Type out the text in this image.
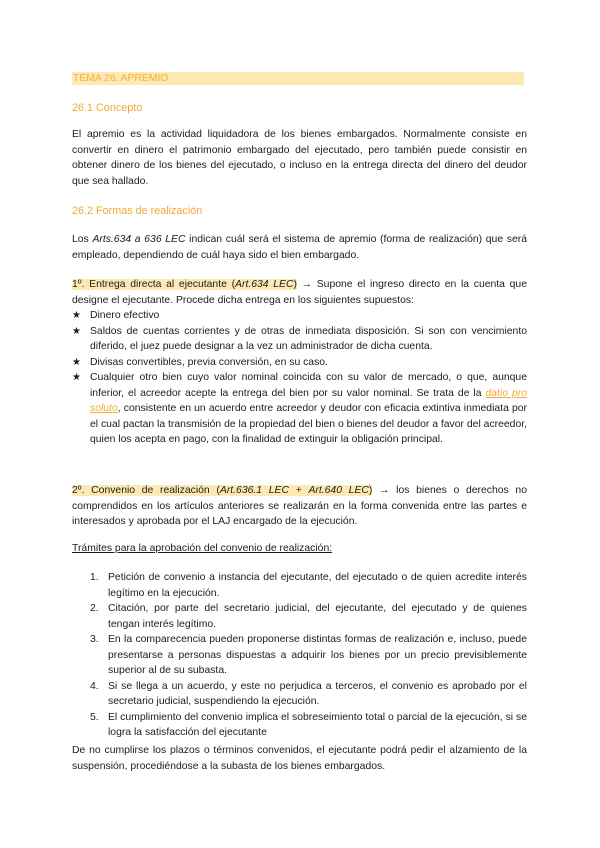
TEMA 26. APREMIO
26.1 Concepto
El apremio es la actividad liquidadora de los bienes embargados. Normalmente consiste en convertir en dinero el patrimonio embargado del ejecutado, pero también puede consistir en obtener dinero de los bienes del ejecutado, o incluso en la entrega directa del dinero del deudor que sea hallado.
26.2 Formas de realización
Los Arts.634 a 636 LEC indican cuál será el sistema de apremio (forma de realización) que será empleado, dependiendo de cuál haya sido el bien embargado.
1º. Entrega directa al ejecutante (Art.634 LEC) → Supone el ingreso directo en la cuenta que designe el ejecutante. Procede dicha entrega en los siguientes supuestos:
★ Dinero efectivo
★ Saldos de cuentas corrientes y de otras de inmediata disposición. Si son con vencimiento diferido, el juez puede designar a la vez un administrador de dicha cuenta.
★ Divisas convertibles, previa conversión, en su caso.
★ Cualquier otro bien cuyo valor nominal coincida con su valor de mercado, o que, aunque inferior, el acreedor acepte la entrega del bien por su valor nominal. Se trata de la datio pro soluto, consistente en un acuerdo entre acreedor y deudor con eficacia extintiva inmediata por el cual pactan la transmisión de la propiedad del bien o bienes del deudor a favor del acreedor, quien los acepta en pago, con la finalidad de extinguir la obligación principal.
2º. Convenio de realización (Art.636.1 LEC + Art.640 LEC) → los bienes o derechos no comprendidos en los artículos anteriores se realizarán en la forma convenida entre las partes e interesados y aprobada por el LAJ encargado de la ejecución.
Trámites para la aprobación del convenio de realización:
1. Petición de convenio a instancia del ejecutante, del ejecutado o de quien acredite interés legítimo en la ejecución.
2. Citación, por parte del secretario judicial, del ejecutante, del ejecutado y de quienes tengan interés legítimo.
3. En la comparecencia pueden proponerse distintas formas de realización e, incluso, puede presentarse a personas dispuestas a adquirir los bienes por un precio previsiblemente superior al de su subasta.
4. Si se llega a un acuerdo, y este no perjudica a terceros, el convenio es aprobado por el secretario judicial, suspendiendo la ejecución.
5. El cumplimiento del convenio implica el sobreseimiento total o parcial de la ejecución, si se logra la satisfacción del ejecutante
De no cumplirse los plazos o términos convenidos, el ejecutante podrá pedir el alzamiento de la suspensión, procediéndose a la subasta de los bienes embargados.
